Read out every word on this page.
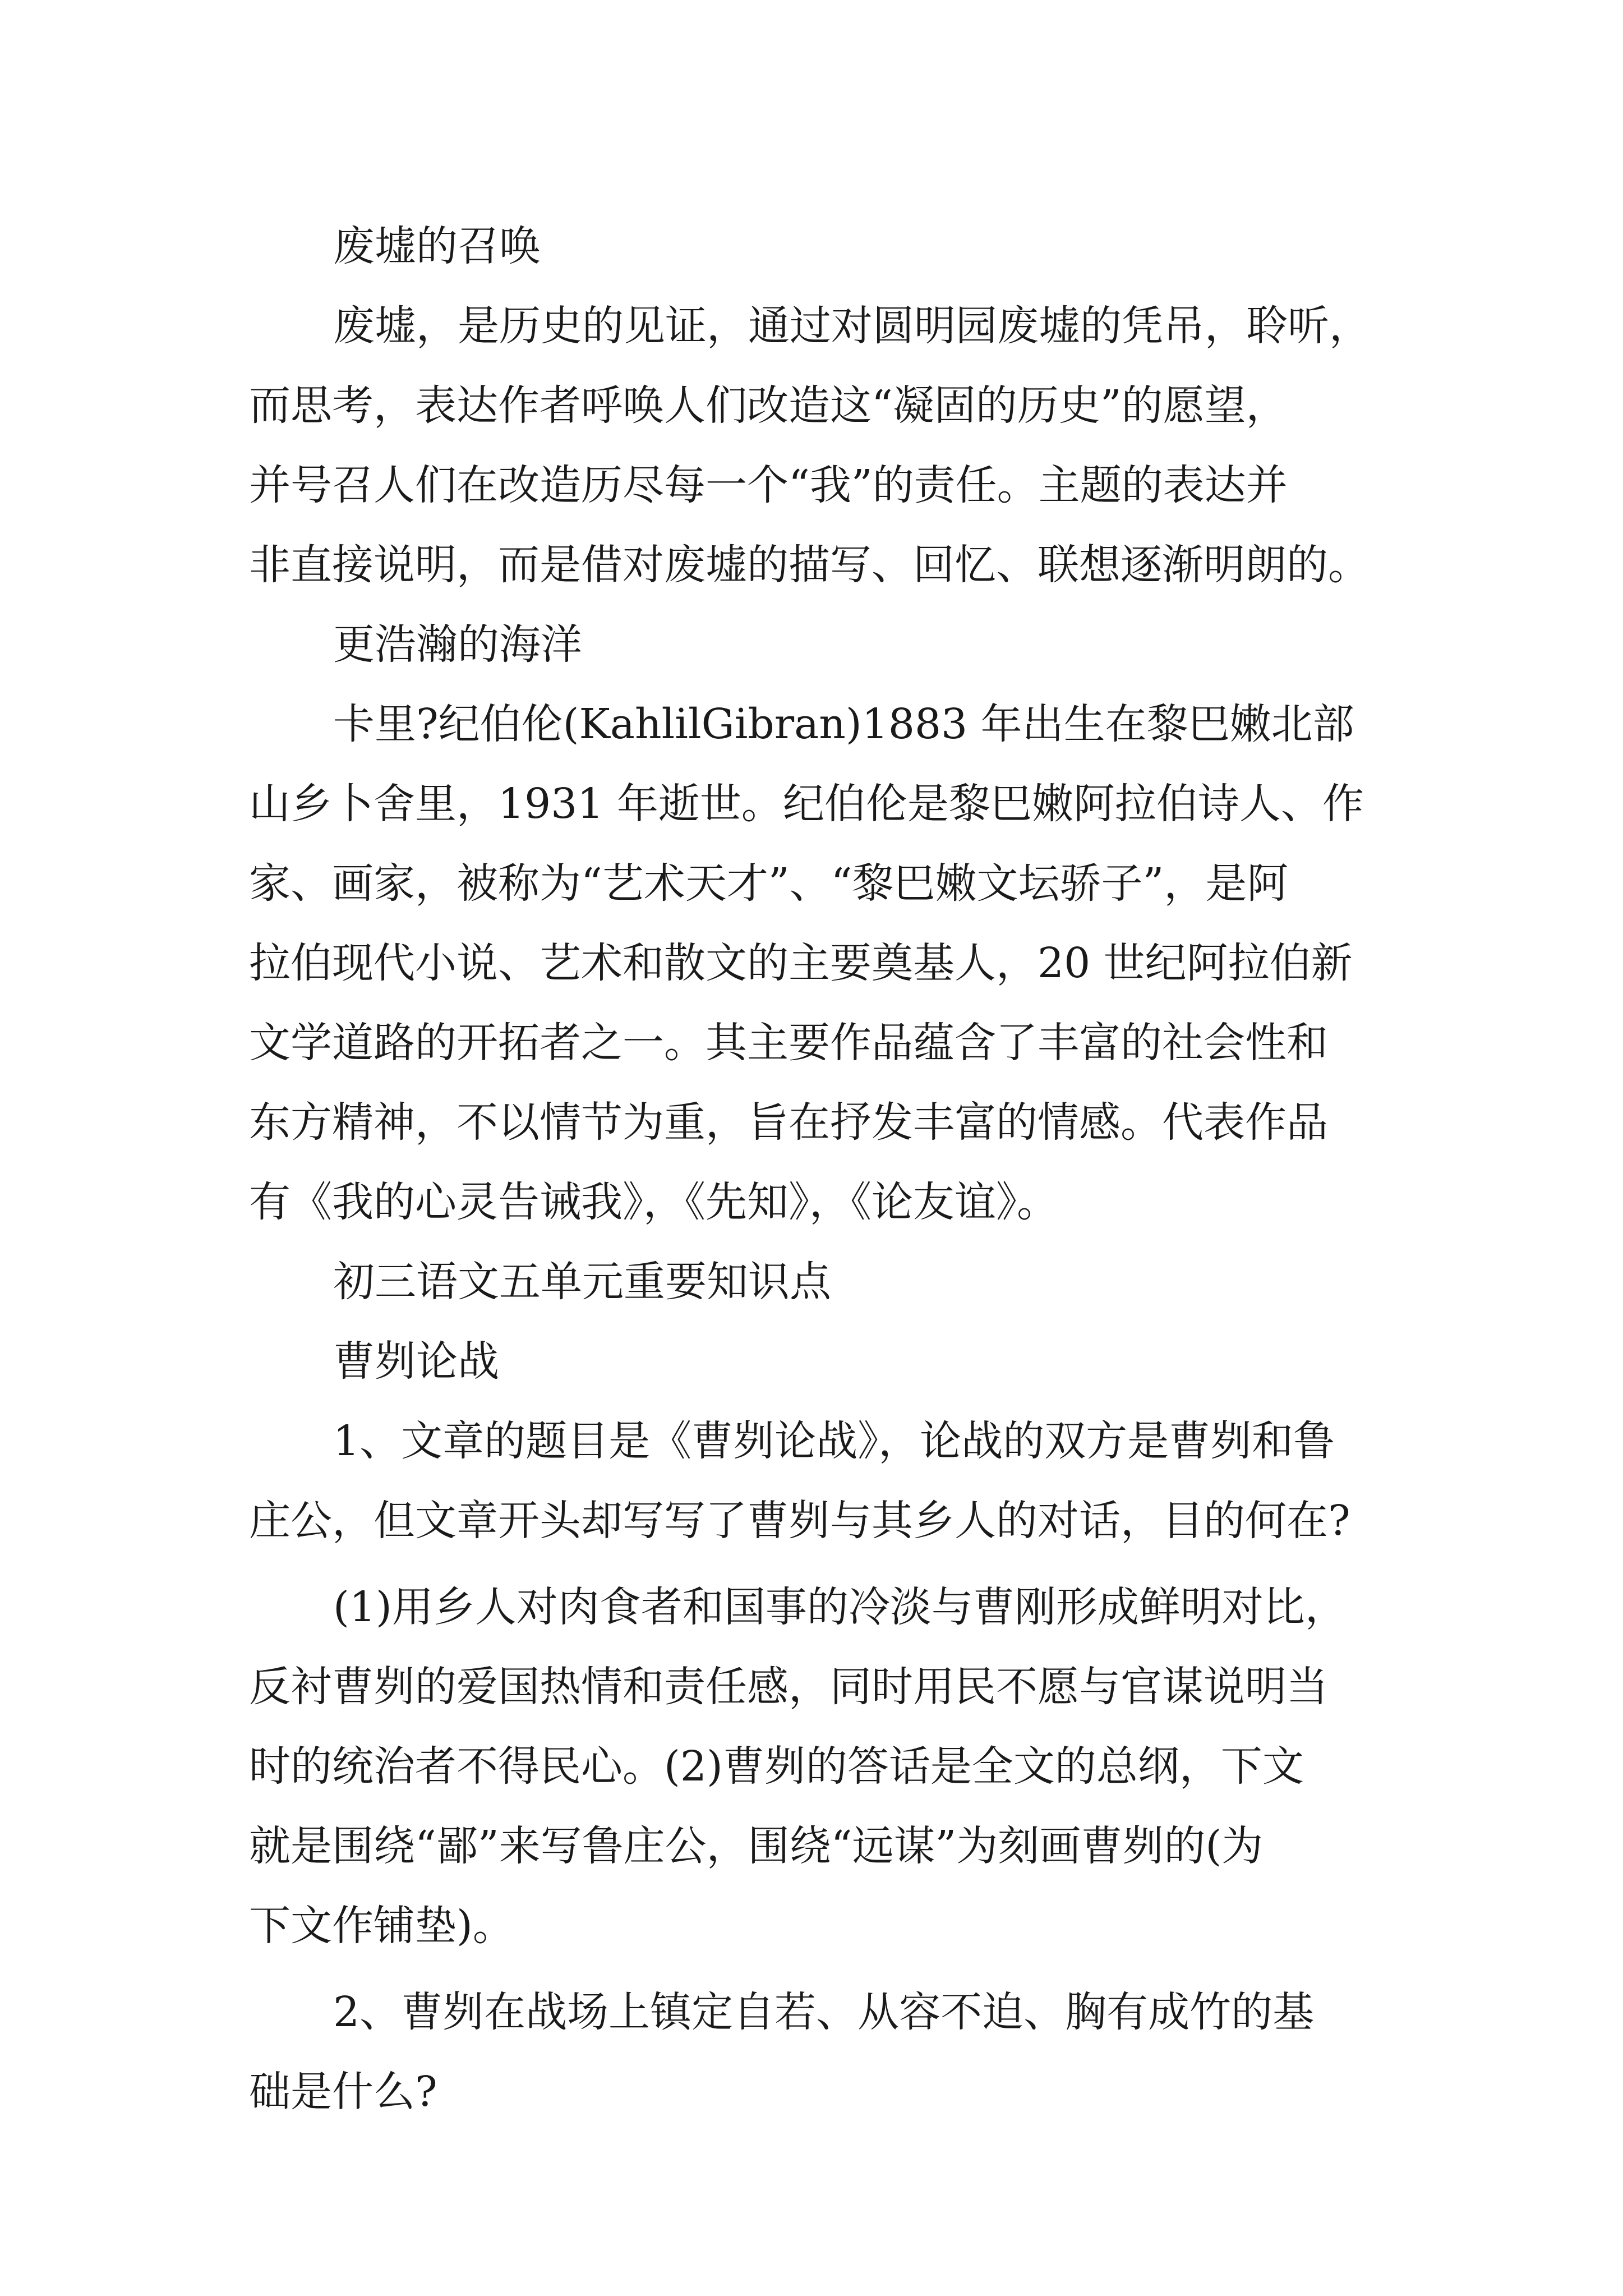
废墟的召唤
废墟，是历史的见证，通过对圆明园废墟的凭吊，聆听，
而思考，表达作者呼唤人们改造这“凝固的历史”的愿望，
并号召人们在改造历尽每一个“我”的责任。主题的表达并
非直接说明，而是借对废墟的描写、回忆、联想逐渐明朗的。
更浩瀚的海洋
卡里?纪伯伦(KahlilGibran)1883 年出生在黎巴嫩北部
山乡卜舍里，1931 年逝世。纪伯伦是黎巴嫩阿拉伯诗人、作
家、画家，被称为“艺术天才”、“黎巴嫩文坛骄子”，是阿
拉伯现代小说、艺术和散文的主要奠基人，20 世纪阿拉伯新
文学道路的开拓者之一。其主要作品蕴含了丰富的社会性和
东方精神，不以情节为重，旨在抒发丰富的情感。代表作品
有《我的心灵告诫我》，《先知》，《论友谊》。
初三语文五单元重要知识点
曹刿论战
1、文章的题目是《曹刿论战》，论战的双方是曹刿和鲁
庄公，但文章开头却写写了曹刿与其乡人的对话，目的何在?
(1)用乡人对肉食者和国事的冷淡与曹刚形成鲜明对比，
反衬曹刿的爱国热情和责任感，同时用民不愿与官谋说明当
时的统治者不得民心。(2)曹刿的答话是全文的总纲，下文
就是围绕“鄙”来写鲁庄公，围绕“远谋”为刻画曹刿的(为
下文作铺垫)。
2、曹刿在战场上镇定自若、从容不迫、胸有成竹的基
础是什么?
